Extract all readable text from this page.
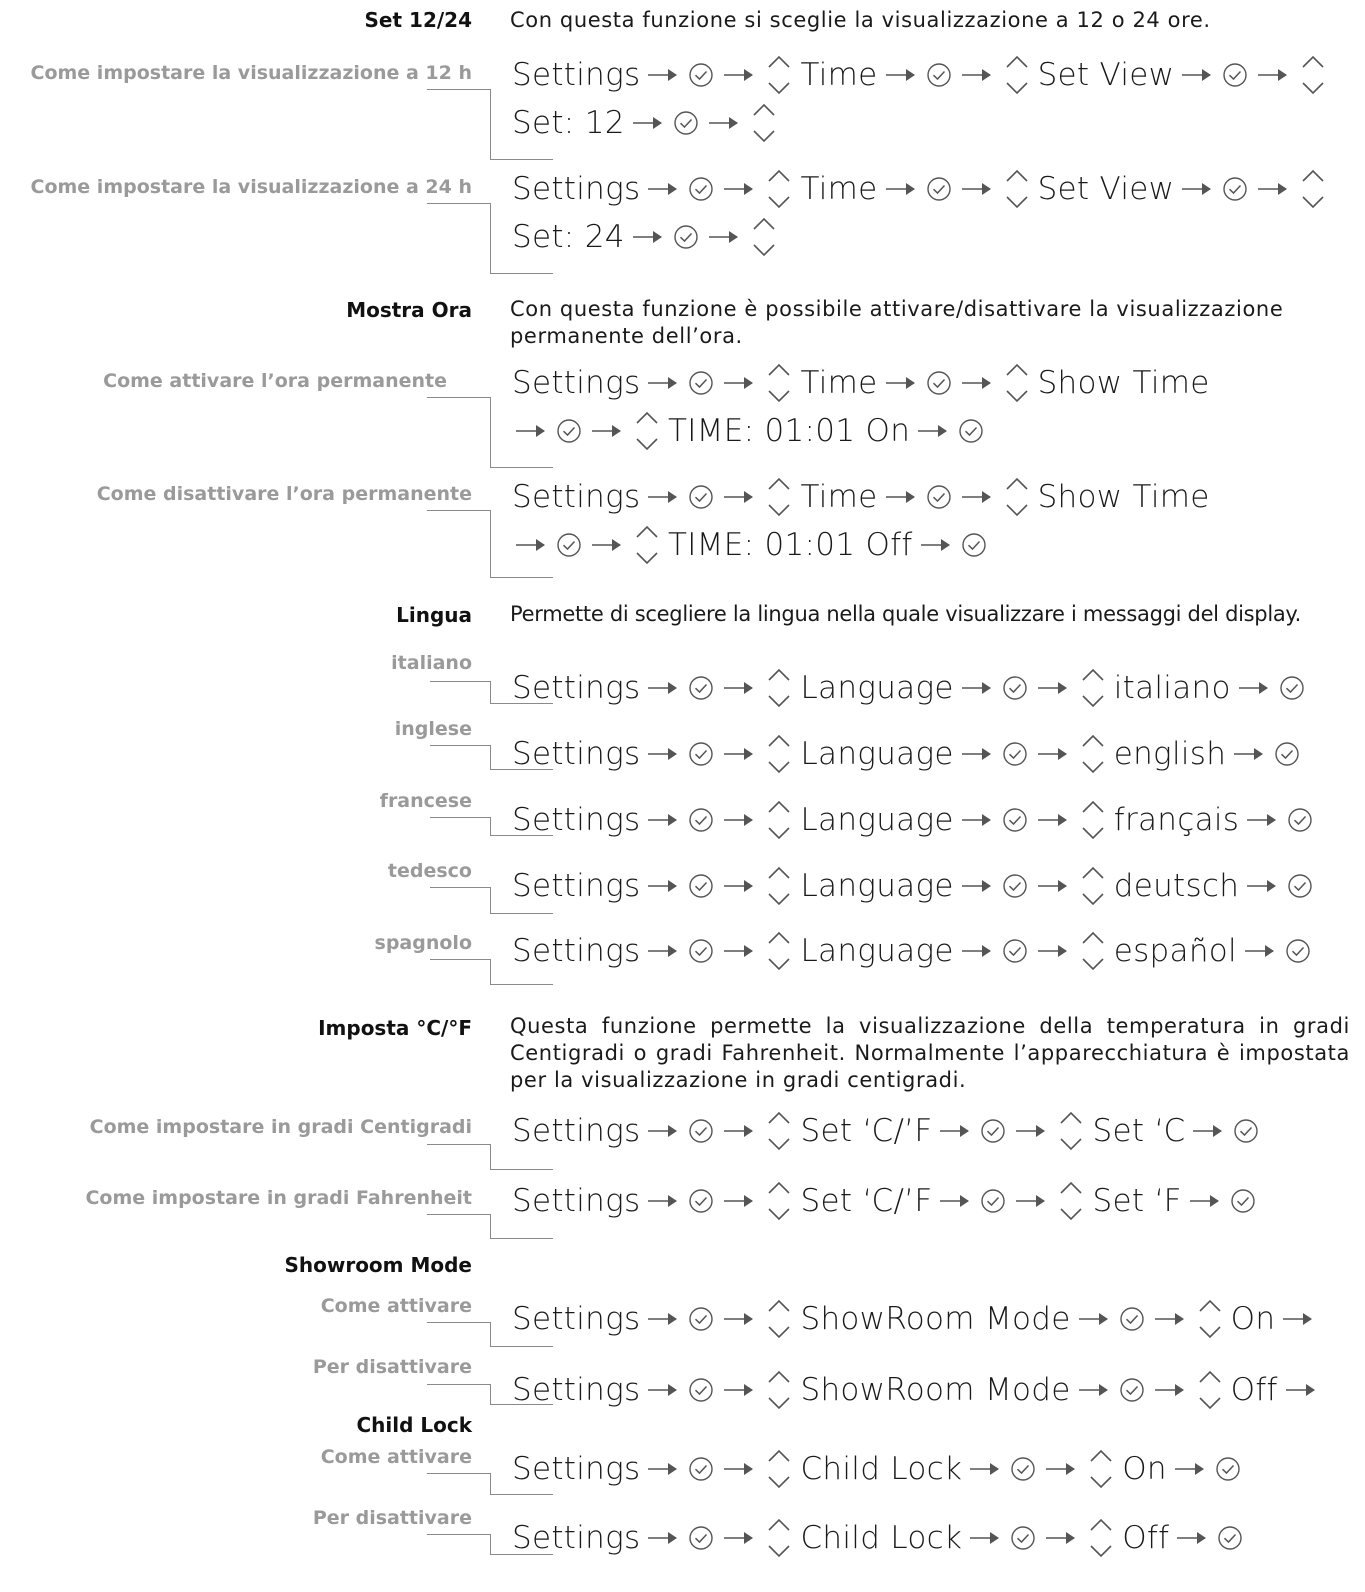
Set 12/24 Con questa funzione si sceglie la visualizzazione a 12 o 24 ore.
Come impostare la visualizzazione a 12 h Settings	Time	Set View
Set: 12
Come impostare la visualizzazione a 24 h Settings	Time	Set View
Set: 24
Mostra Ora Con questa funzione è possibile attivare/disattivare la visualizzazione permanente dell’ora.
Come attivare l’ora permanente Settings	Time	Show Time
TIME: 01:01 On
Come disattivare l’ora permanente Settings	Time	Show Time
TIME: 01:01 Off
Lingua Permette di scegliere la lingua nella quale visualizzare i messaggi del display.
italiano
Settings	Language	italiano
inglese
Settings	Language	english
francese
Settings	Language	français
tedesco Settings	Language	deutsch
spagnolo Settings	Language	español
Imposta °C/°F Questa funzione permette la visualizzazione della temperatura in gradi Centigradi o gradi Fahrenheit. Normalmente l’apparecchiatura è impostata per la visualizzazione in gradi centigradi.
Come impostare in gradi Centigradi Settings	Set ‘C/’F	Set ‘C
Come impostare in gradi Fahrenheit Settings	Set ‘C/’F	Set ‘F
Showroom Mode
Come attivare Settings	ShowRoom Mode	On
Per disattivare
Settings	ShowRoom Mode	Off
Child Lock
Come attivare Settings	Child Lock	On
Per disattivare
Settings	Child Lock	Off
